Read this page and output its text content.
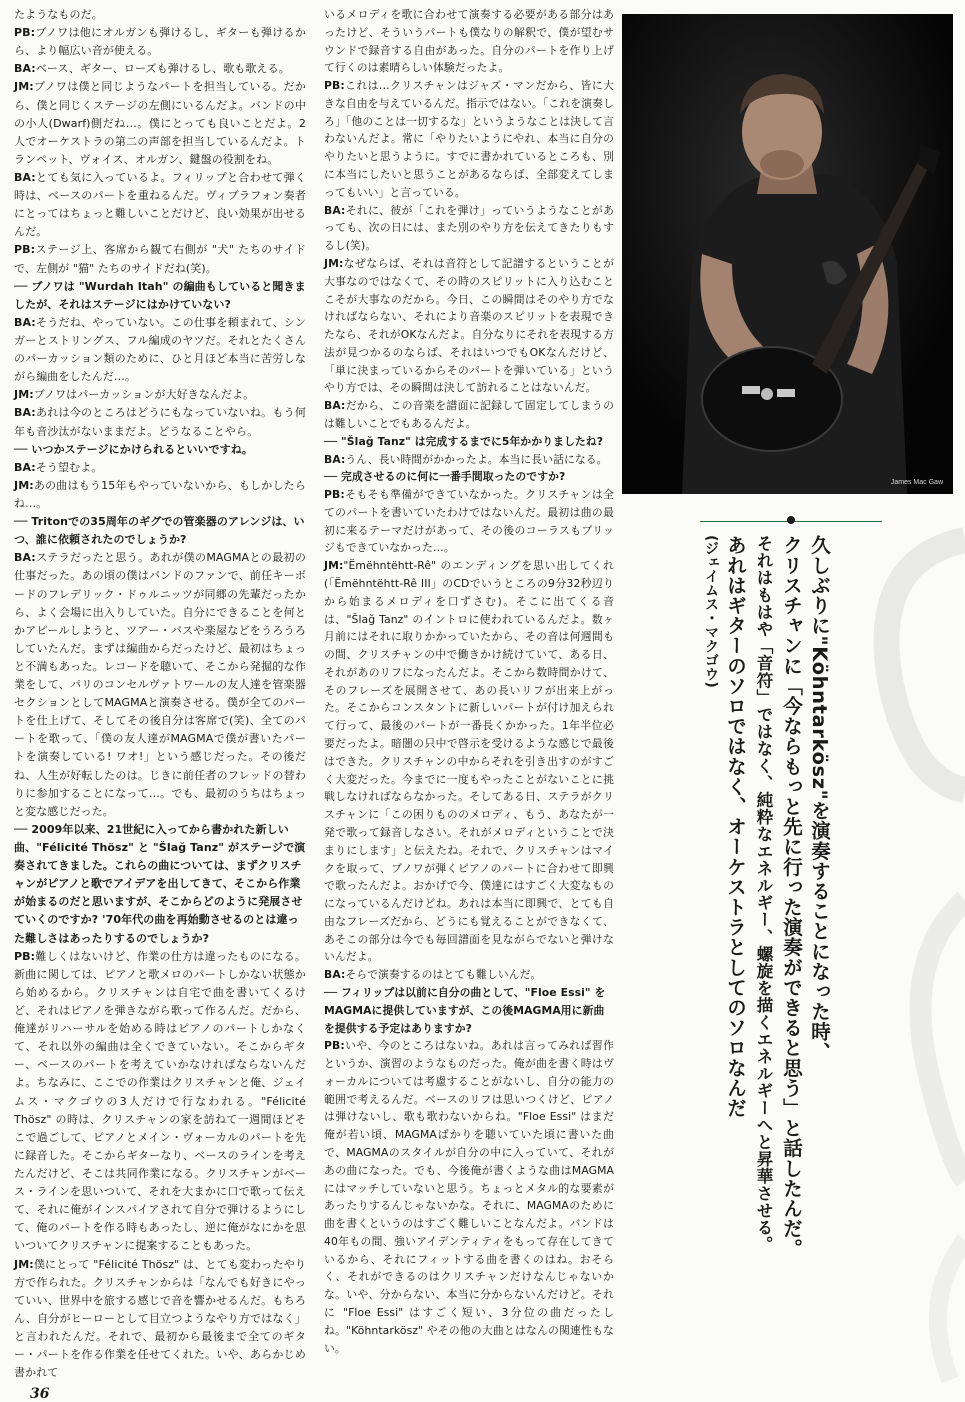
たようなものだ。

PB:ブノワは他にオルガンも弾けるし、ギターも弾けるから、より幅広い音が使える。

BA:ベース、ギター、ローズも弾けるし、歌も歌える。

JM:ブノワは僕と同じようなパートを担当している。だから、僕と同じくステージの左側にいるんだよ。バンドの中の小人(Dwarf)側だね…。僕にとっても良いことだよ。2人でオーケストラの第二の声部を担当しているんだよ。トランペット、ヴォイス、オルガン、鍵盤の役割をね。

BA:とても気に入っているよ。フィリップと合わせて弾く時は、ベースのパートを重ねるんだ。ヴィブラフォン奏者にとってはちょっと難しいことだけど、良い効果が出せるんだ。

PB:ステージ上、客席から観て右側が "犬" たちのサイドで、左側が "猫" たちのサイドだね(笑)。

── ブノワは "Wurdah Itah" の編曲もしていると聞きましたが、それはステージにはかけていない?

BA:そうだね、やっていない。この仕事を頼まれて、シンガーとストリングス、フル編成のヤツだ。それとたくさんのパーカッション類のために、ひと月ほど本当に苦労しながら編曲をしたんだ…。

JM:ブノワはパーカッションが大好きなんだよ。

BA:あれは今のところはどうにもなっていないね。もう何年も音沙汰がないままだよ。どうなることやら。

── いつかステージにかけられるといいですね。

BA:そう望むよ。

JM:あの曲はもう15年もやっていないから、もしかしたらね…。

── Tritonでの35周年のギグでの管楽器のアレンジは、いつ、誰に依頼されたのでしょうか?

BA:ステラだったと思う。あれが僕のMAGMAとの最初の仕事だった。あの頃の僕はバンドのファンで、前任キーボードのフレデリック・ドゥルニッツが同郷の先輩だったから、よく会場に出入りしていた。自分にできることを何とかアピールしようと、ツアー・バスや楽屋などをうろうろしていたんだ。まずは編曲からだったけど、最初はちょっと不満もあった。レコードを聴いて、そこから発掘的な作業をして、パリのコンセルヴァトワールの友人達を管楽器セクションとしてMAGMAと演奏させる。僕が全てのパートを仕上げて、そしてその後自分は客席で(笑)、全てのパートを歌って、「僕の友人達がMAGMAで僕が書いたパートを演奏している! ワオ!」という感じだった。その後だね、人生が好転したのは。じきに前任者のフレッドの替わりに参加することになって…。でも、最初のうちはちょっと変な感じだった。

── 2009年以来、21世紀に入ってから書かれた新しい曲、"Félicité Thösz" と "Šlağ Tanz" がステージで演奏されてきました。これらの曲については、まずクリスチャンがピアノと歌でアイデアを出してきて、そこから作業が始まるのだと思いますが、そこからどのように発展させていくのですか? '70年代の曲を再始動させるのとは違った難しさはあったりするのでしょうか?

PB:難しくはないけど、作業の仕方は違ったものになる。新曲に関しては、ピアノと歌メロのパートしかない状態から始めるから。クリスチャンは自宅で曲を書いてくるけど、それはピアノを弾きながら歌って作るんだ。だから、俺達がリハーサルを始める時はピアノのパートしかなくて、それ以外の編曲は全くできていない。そこからギター、ベースのパートを考えていかなければならないんだよ。ちなみに、ここでの作業はクリスチャンと俺、ジェイムス・マクゴウの3人だけで行なわれる。"Félicité Thösz" の時は、クリスチャンの家を訪ねて一週間ほどそこで過ごして、ピアノとメイン・ヴォーカルのパートを先に録音した。そこからギターなり、ベースのラインを考えたんだけど、そこは共同作業になる。クリスチャンがベース・ラインを思いついて、それを大まかに口で歌って伝えて、それに俺がインスパイアされて自分で弾けるようにして、俺のパートを作る時もあったし、逆に俺がなにかを思いついてクリスチャンに提案することもあった。

JM:僕にとって "Félicité Thösz" は、とても変わったやり方で作られた。クリスチャンからは「なんでも好きにやっていい、世界中を旅する感じで音を響かせるんだ。もちろん、自分がヒーローとして目立つようなやり方ではなく」と言われたんだ。それで、最初から最後まで全てのギター・パートを作る作業を任せてくれた。いや、あらかじめ書かれて

いるメロディを歌に合わせて演奏する必要がある部分はあったけど、そういうパートも僕なりの解釈で、僕が望むサウンドで録音する自由があった。自分のパートを作り上げて行くのは素晴らしい体験だったよ。

PB:これは…クリスチャンはジャズ・マンだから、皆に大きな自由を与えているんだ。指示ではない。「これを演奏しろ」「他のことは一切するな」というようなことは決して言わないんだよ。常に「やりたいようにやれ、本当に自分のやりたいと思うように。すでに書かれているところも、別に本当にしたいと思うことがあるならば、全部変えてしまってもいい」と言っている。

BA:それに、彼が「これを弾け」っていうようなことがあっても、次の日には、また別のやり方を伝えてきたりもするし(笑)。

JM:なぜならば、それは音符として記譜するということが大事なのではなくて、その時のスピリットに入り込むことこそが大事なのだから。今日、この瞬間はそのやり方でなければならない、それにより音楽のスピリットを表現できたなら、それがOKなんだよ。自分なりにそれを表現する方法が見つかるのならば、それはいつでもOKなんだけど、「単に決まっているからそのパートを弾いている」というやり方では、その瞬間は決して訪れることはないんだ。

BA:だから、この音楽を譜面に記録して固定してしまうのは難しいことでもあるんだよ。

── "Šlağ Tanz" は完成するまでに5年かかりましたね?

BA:うん、長い時間がかかったよ。本当に長い話になる。

── 完成させるのに何に一番手間取ったのですか?

PB:そもそも準備ができていなかった。クリスチャンは全てのパートを書いていたわけではないんだ。最初は曲の最初に来るテーマだけがあって、その後のコーラスもブリッジもできていなかった…。

JM:"Ëmëhntëhtt-Rê" のエンディングを思い出してくれ(「Ëmëhntëhtt-Rê III」のCDでいうところの9分32秒辺りから始まるメロディを口ずさむ)。そこに出てくる音は、"Šlağ Tanz" のイントロに使われているんだよ。数ヶ月前にはそれに取りかかっていたから、その音は何週間もの間、クリスチャンの中で働きかけ続けていて、ある日、それがあのリフになったんだよ。そこから数時間かけて、そのフレーズを展開させて、あの長いリフが出来上がった。そこからコンスタントに新しいパートが付け加えられて行って、最後のパートが一番長くかかった。1年半位必要だったよ。暗闇の只中で啓示を受けるような感じで最後はできた。クリスチャンの中からそれを引き出すのがすごく大変だった。今までに一度もやったことがないことに挑戦しなければならなかった。そしてある日、ステラがクリスチャンに「この困りもののメロディ、もう、あなたが一発で歌って録音しなさい。それがメロディということで決まりにします」と伝えたね。それで、クリスチャンはマイクを取って、ブノワが弾くピアノのパートに合わせて即興で歌ったんだよ。おかげで今、僕達にはすごく大変なものになっているんだけどね。あれは本当に即興で、とても自由なフレーズだから、どうにも覚えることができなくて、あそこの部分は今でも毎回譜面を見ながらでないと弾けないんだよ。

BA:そらで演奏するのはとても難しいんだ。

── フィリップは以前に自分の曲として、"Floe Essi" をMAGMAに提供していますが、この後MAGMA用に新曲を提供する予定はありますか?

PB:いや、今のところはないね。あれは言ってみれば習作というか、演習のようなものだった。俺が曲を書く時はヴォーカルについては考慮することがないし、自分の能力の範囲で考えるんだ。ベースのリフは思いつくけど、ピアノは弾けないし、歌も歌わないからね。"Floe Essi" はまだ俺が若い頃、MAGMAばかりを聴いていた頃に書いた曲で、MAGMAのスタイルが自分の中に入っていて、それがあの曲になった。でも、今後俺が書くような曲はMAGMAにはマッチしていないと思う。ちょっとメタル的な要素があったりするんじゃないかな。それに、MAGMAのために曲を書くというのはすごく難しいことなんだよ。バンドは40年もの間、強いアイデンティティをもって存在してきているから、それにフィットする曲を書くのはね。おそらく、それができるのはクリスチャンだけなんじゃないかな。いや、分からない、本当に分からないんだけど。それに "Floe Essi" はすごく短い、3分位の曲だったしね。"Köhntarkösz" やその他の大曲とはなんの関連性もない。

James Mac Gaw
久しぶりに"Köhntarkösz"を演奏することになった時、
クリスチャンに「今ならもっと先に行った演奏ができると思う」と話したんだ。
それはもはや「音符」ではなく、純粋なエネルギー、螺旋を描くエネルギーへと昇華させる。
あれはギターのソロではなく、オーケストラとしてのソロなんだ
(ジェイムス・マクゴウ)
36
